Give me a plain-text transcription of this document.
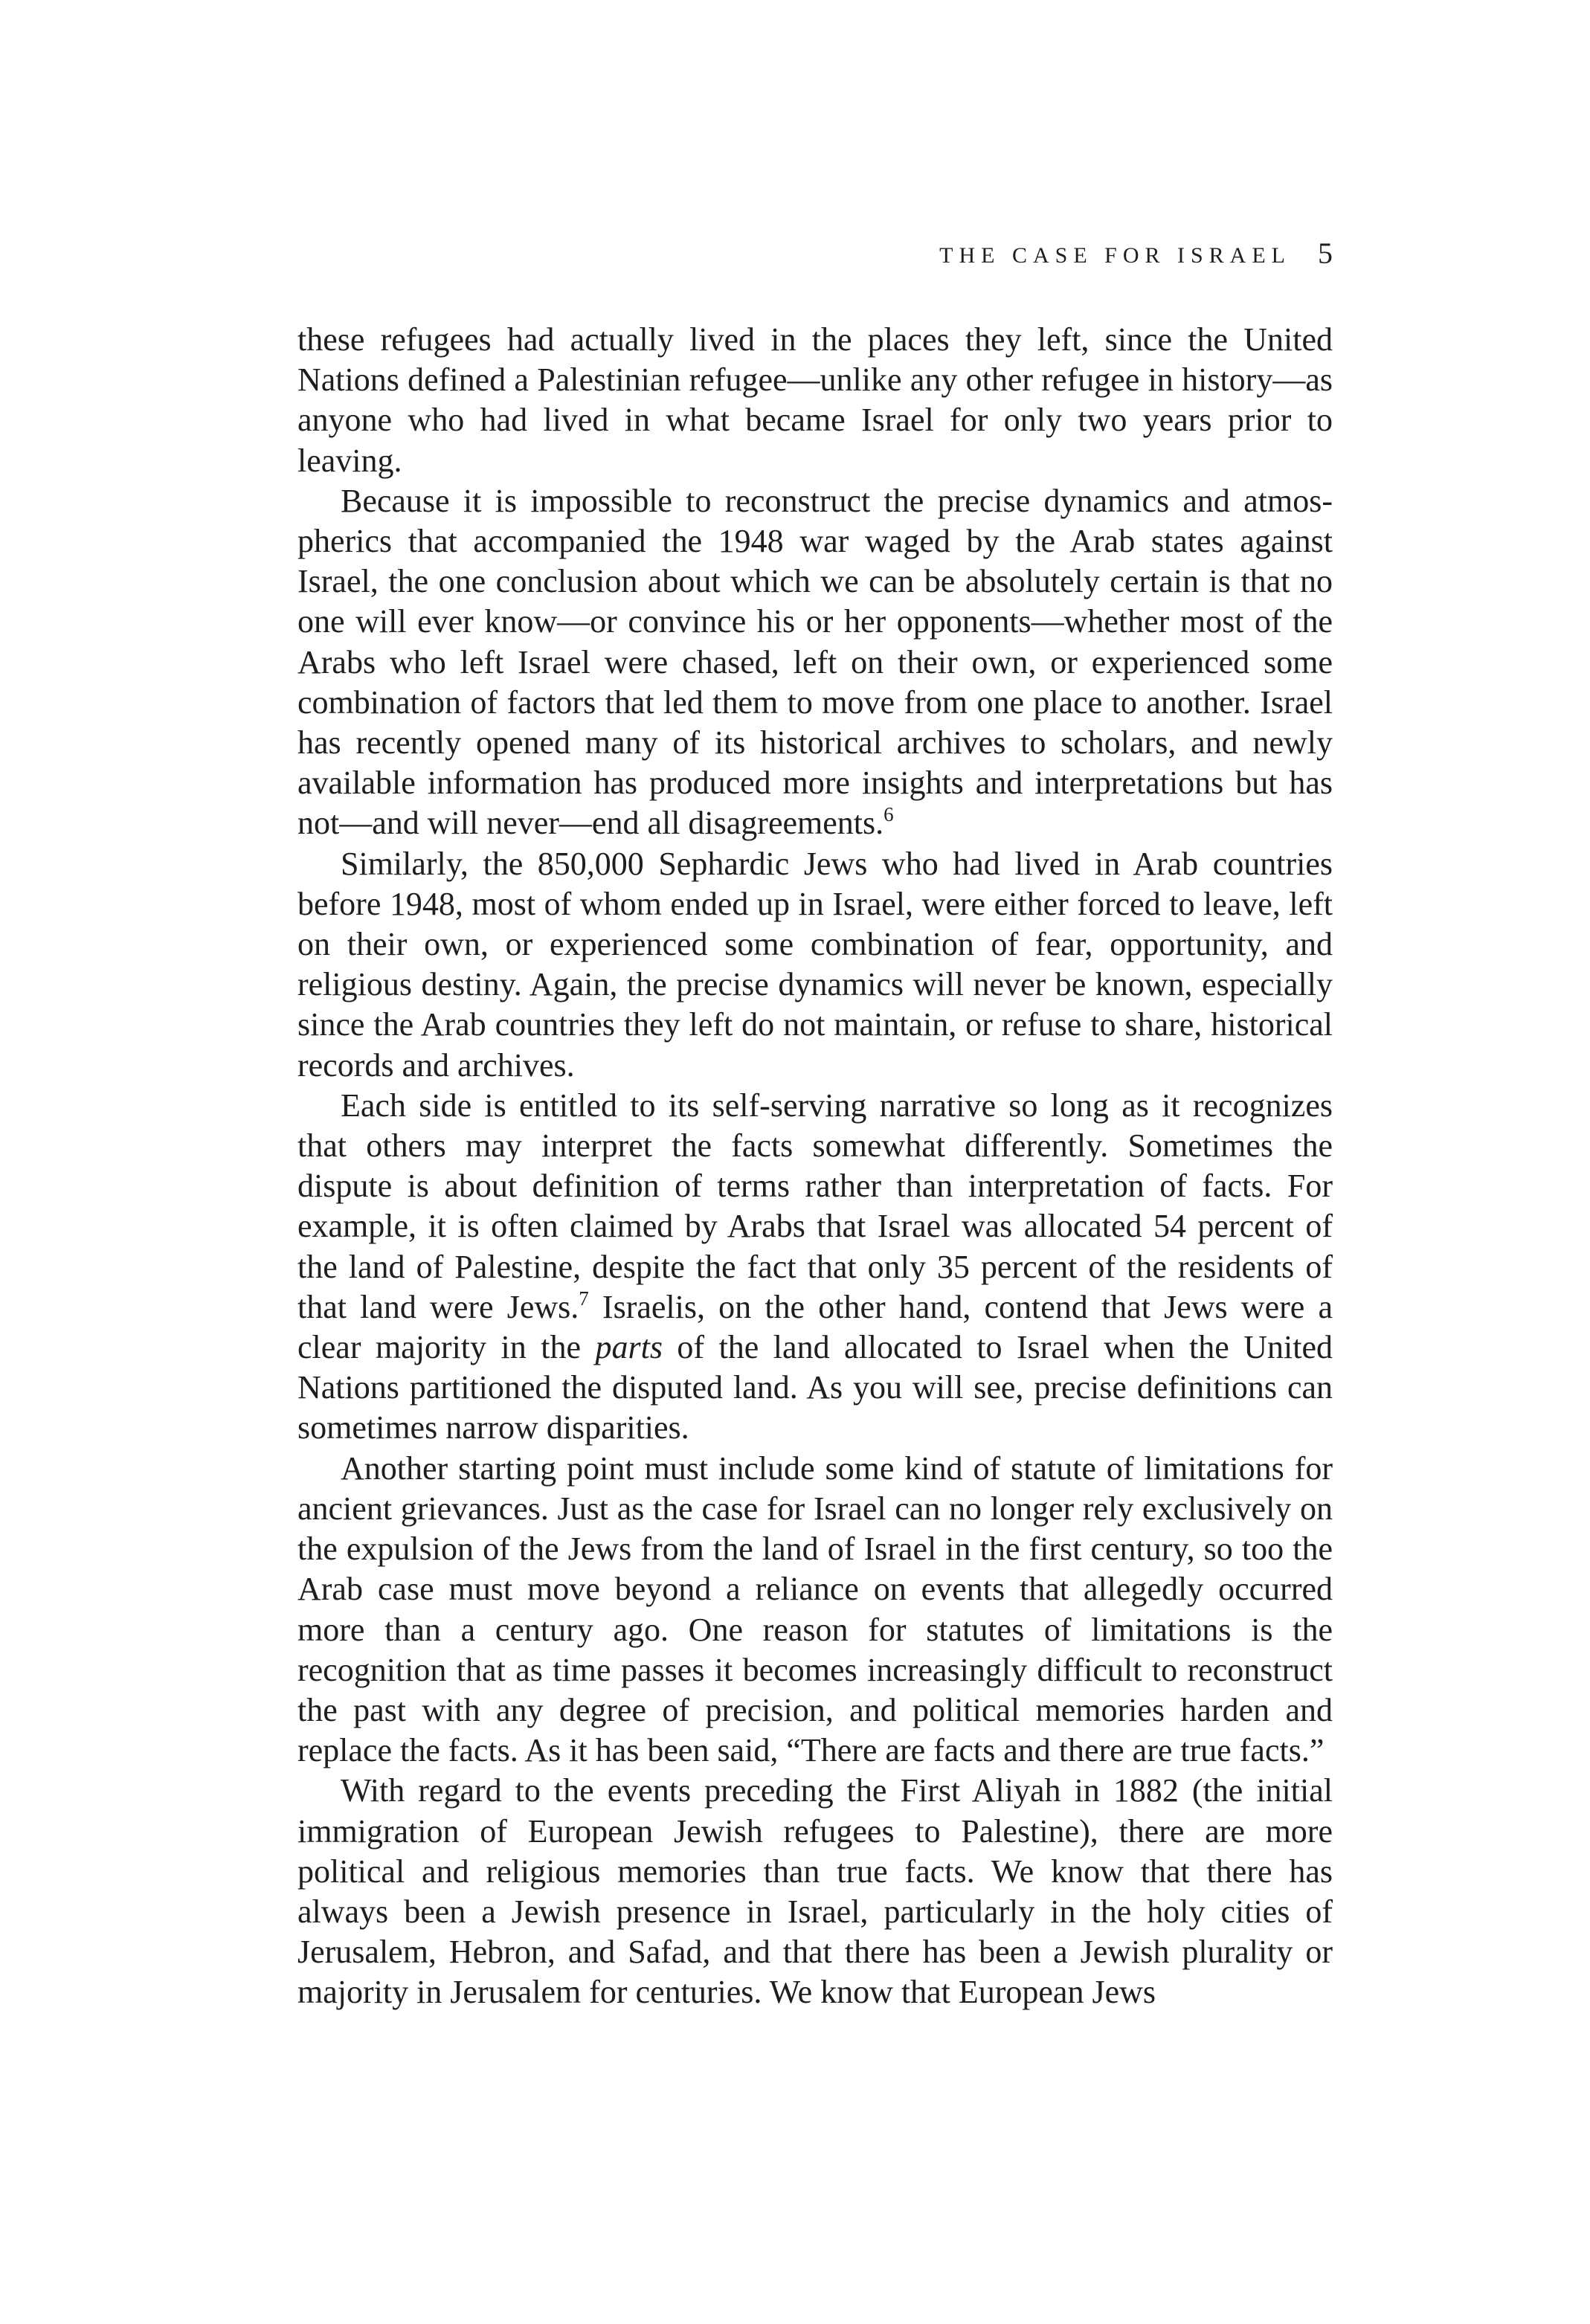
THE CASE FOR ISRAEL 5

these refugees had actually lived in the places they left, since the United Nations defined a Palestinian refugee—unlike any other refugee in history—as anyone who had lived in what became Israel for only two years prior to leaving.

Because it is impossible to reconstruct the precise dynamics and atmospherics that accompanied the 1948 war waged by the Arab states against Israel, the one conclusion about which we can be absolutely certain is that no one will ever know—or convince his or her opponents—whether most of the Arabs who left Israel were chased, left on their own, or experienced some combination of factors that led them to move from one place to another. Israel has recently opened many of its historical archives to scholars, and newly available information has produced more insights and interpretations but has not—and will never—end all disagreements.$^6$

Similarly, the 850,000 Sephardic Jews who had lived in Arab countries before 1948, most of whom ended up in Israel, were either forced to leave, left on their own, or experienced some combination of fear, opportunity, and religious destiny. Again, the precise dynamics will never be known, especially since the Arab countries they left do not maintain, or refuse to share, historical records and archives.

Each side is entitled to its self-serving narrative so long as it recognizes that others may interpret the facts somewhat differently. Sometimes the dispute is about definition of terms rather than interpretation of facts. For example, it is often claimed by Arabs that Israel was allocated 54 percent of the land of Palestine, despite the fact that only 35 percent of the residents of that land were Jews.$^7$ Israelis, on the other hand, contend that Jews were a clear majority in the parts of the land allocated to Israel when the United Nations partitioned the disputed land. As you will see, precise definitions can sometimes narrow disparities.

Another starting point must include some kind of statute of limitations for ancient grievances. Just as the case for Israel can no longer rely exclusively on the expulsion of the Jews from the land of Israel in the first century, so too the Arab case must move beyond a reliance on events that allegedly occurred more than a century ago. One reason for statutes of limitations is the recognition that as time passes it becomes increasingly difficult to reconstruct the past with any degree of precision, and political memories harden and replace the facts. As it has been said, “There are facts and there are true facts.”

With regard to the events preceding the First Aliyah in 1882 (the initial immigration of European Jewish refugees to Palestine), there are more political and religious memories than true facts. We know that there has always been a Jewish presence in Israel, particularly in the holy cities of Jerusalem, Hebron, and Safad, and that there has been a Jewish plurality or majority in Jerusalem for centuries. We know that European Jews
